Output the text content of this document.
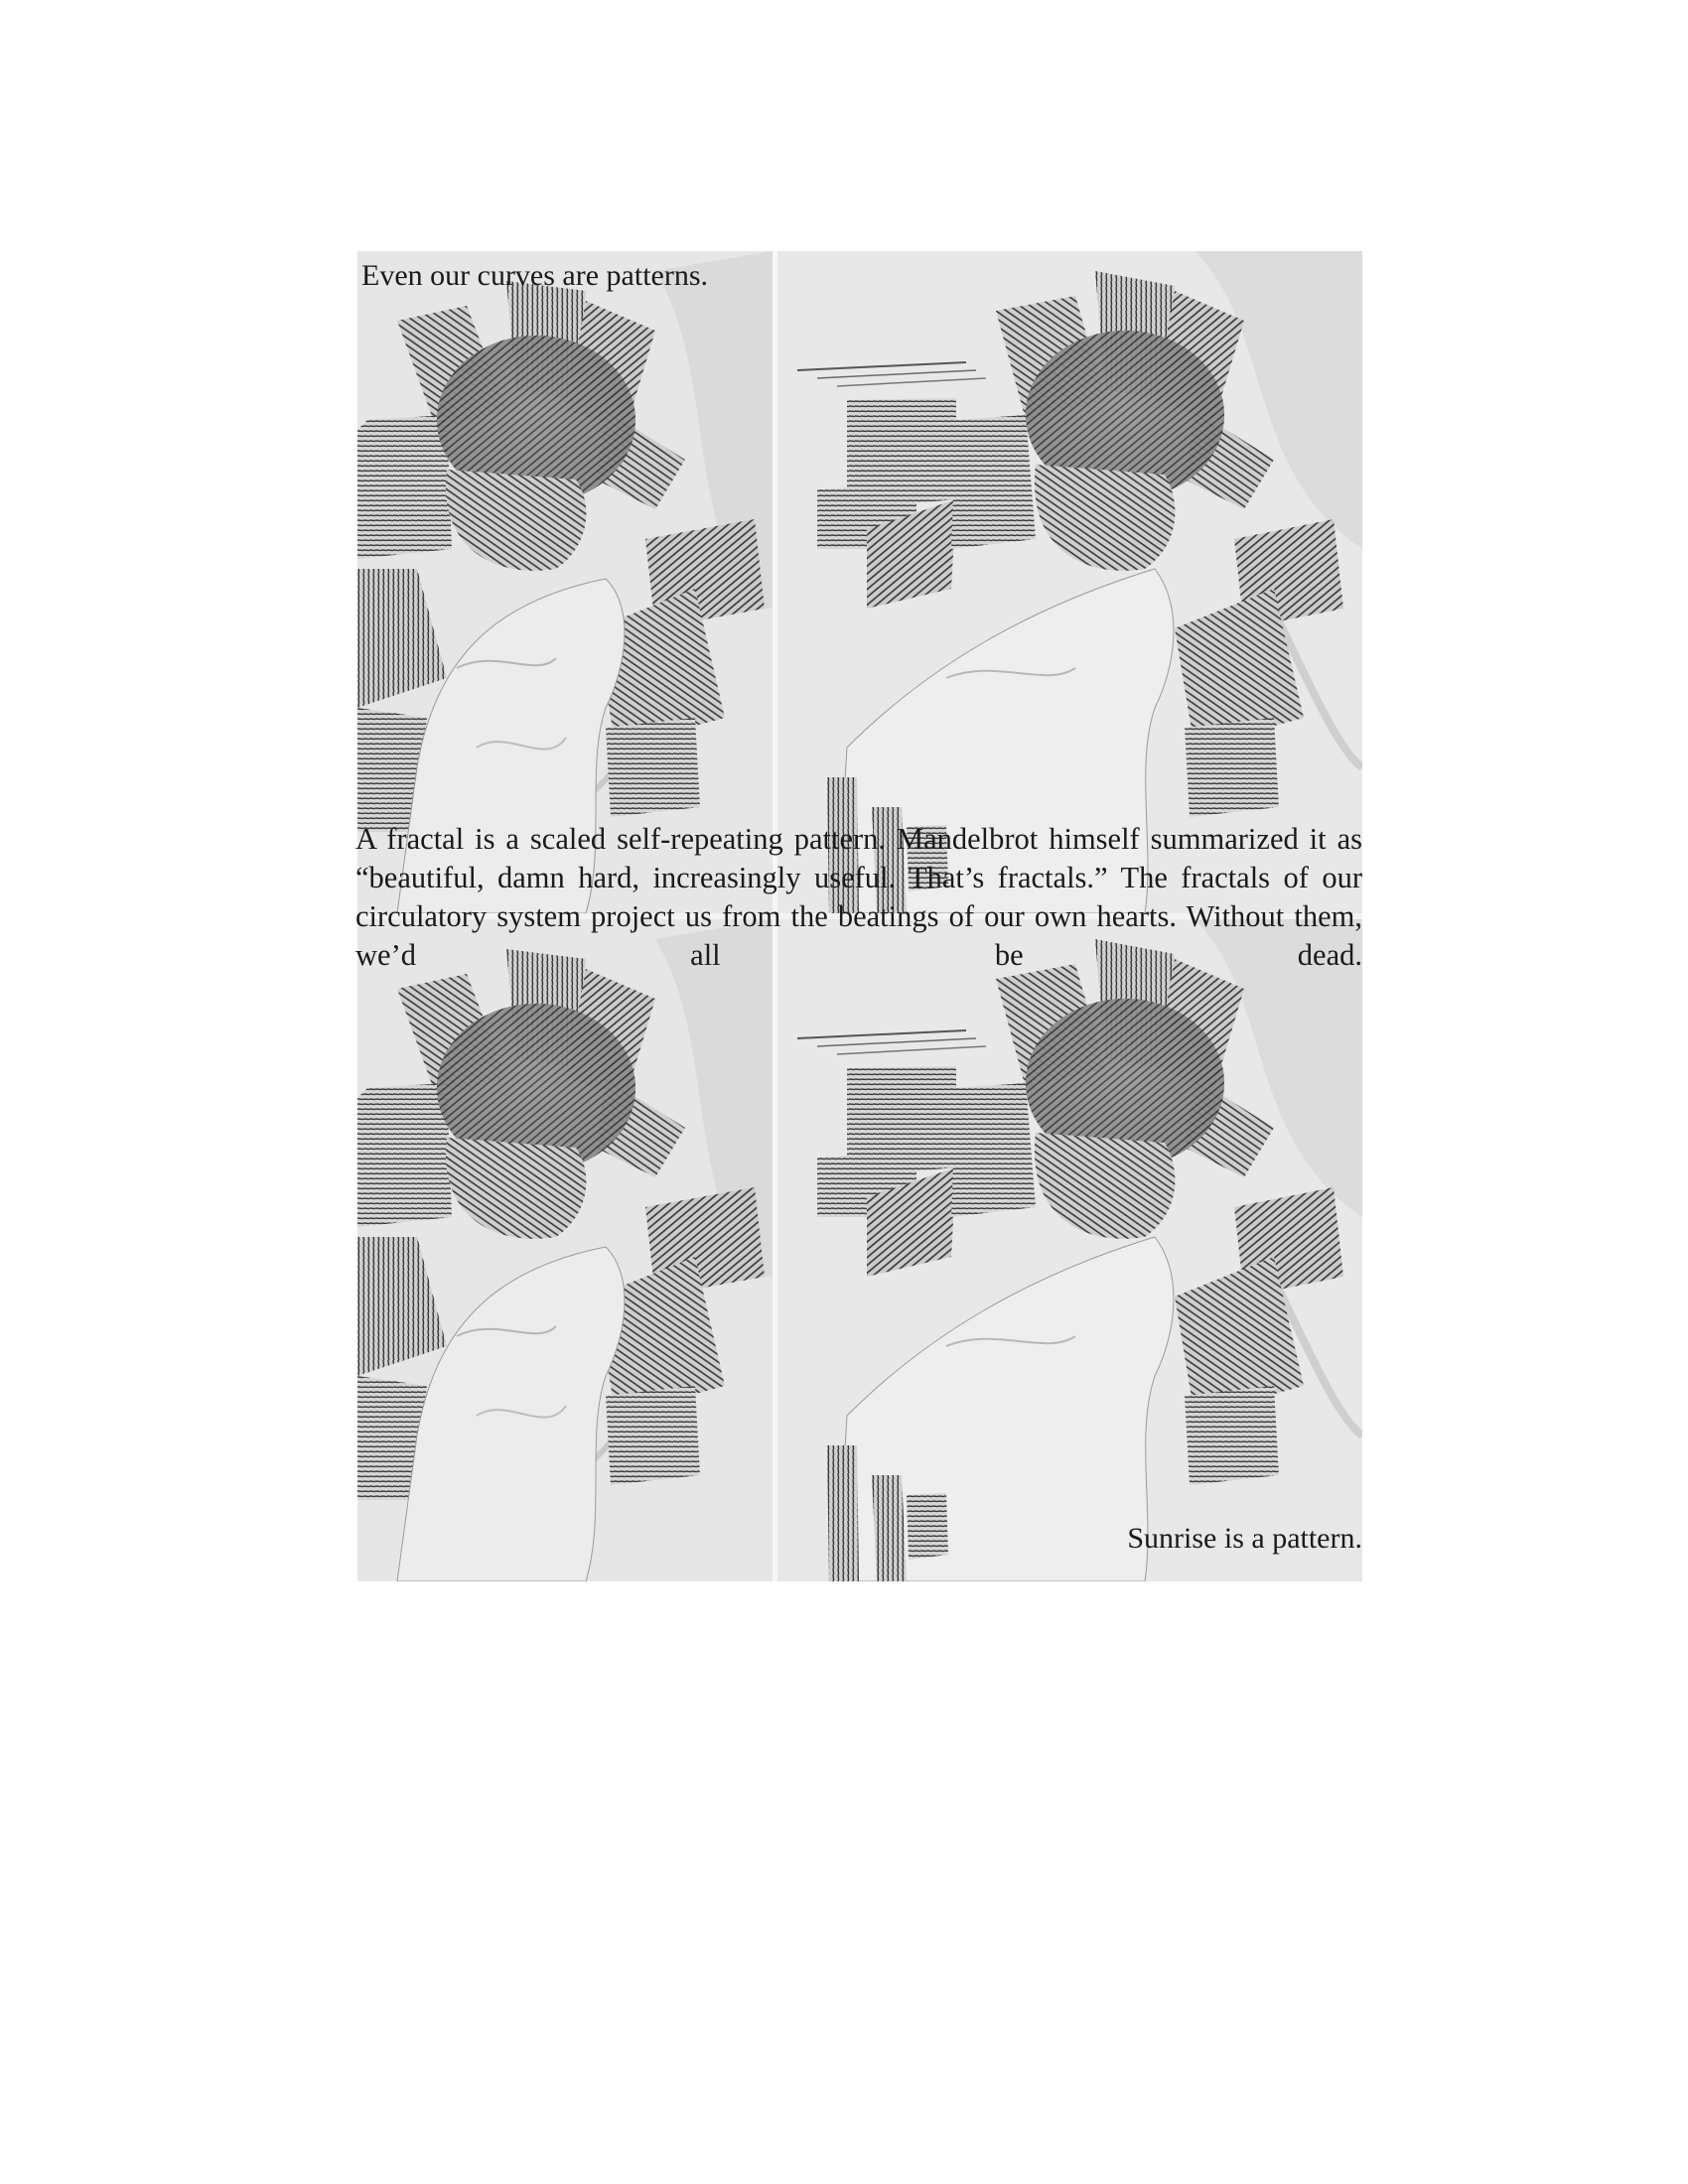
Even our curves are patterns.

A fractal is a scaled self-repeating pattern. Mandelbrot himself summarized it as “beautiful, damn hard, increasingly useful. That’s fractals.” The fractals of our circulatory system project us from the beatings of our own hearts. Without them, we’d all be dead.

Sunrise is a pattern.
